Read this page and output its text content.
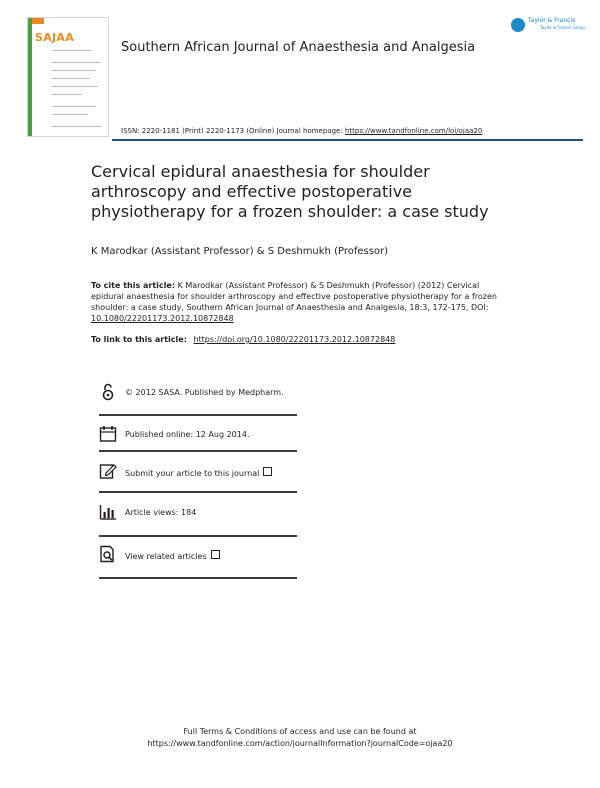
SAJAA
Southern African Journal of Anaesthesia and Analgesia
Taylor & Francis
Taylor & Francis Group
ISSN: 2220-1181 (Print) 2220-1173 (Online) Journal homepage: https://www.tandfonline.com/loi/ojaa20
Cervical epidural anaesthesia for shoulder arthroscopy and effective postoperative physiotherapy for a frozen shoulder: a case study
K Marodkar (Assistant Professor) & S Deshmukh (Professor)
To cite this article: K Marodkar (Assistant Professor) & S Deshmukh (Professor) (2012) Cervical epidural anaesthesia for shoulder arthroscopy and effective postoperative physiotherapy for a frozen shoulder: a case study, Southern African Journal of Anaesthesia and Analgesia, 18:3, 172-175, DOI: 10.1080/22201173.2012.10872848
To link to this article: https://doi.org/10.1080/22201173.2012.10872848
© 2012 SASA. Published by Medpharm.
Published online: 12 Aug 2014.
Submit your article to this journal
Article views: 184
View related articles
Full Terms & Conditions of access and use can be found at
https://www.tandfonline.com/action/journalInformation?journalCode=ojaa20
